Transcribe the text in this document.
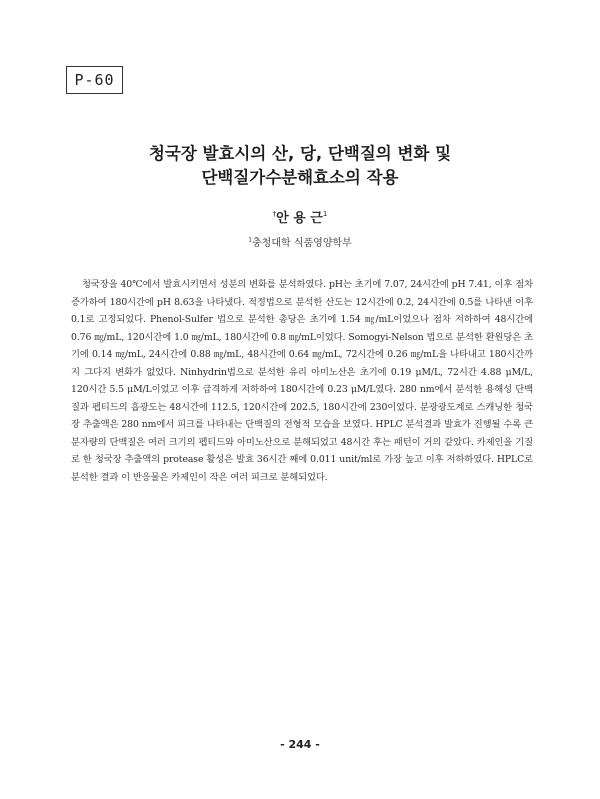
P-60
청국장 발효시의 산, 당, 단백질의 변화 및
단백질가수분해효소의 작용
†안 용 근$^1$
$^1$충청대학 식품영양학부
청국장을 40℃에서 발효시키면서 성분의 변화를 분석하였다. pH는 초기에 7.07, 24시간에 pH 7.41, 이후 점차 증가하여 180시간에 pH 8.63을 나타냈다. 적정법으로 분석한 산도는 12시간에 0.2, 24시간에 0.5를 나타낸 이후 0.1로 고정되었다. Phenol-Sulfer 법으로 분석한 총당은 초기에 1.54 ㎎/mL이었으나 점차 저하하여 48시간에 0.76 ㎎/mL, 120시간에 1.0 ㎎/mL, 180시간에 0.8 ㎎/mL이었다. Somogyi-Nelson 법으로 분석한 환원당은 초기에 0.14 ㎎/mL, 24시간에 0.88 ㎎/mL, 48시간에 0.64 ㎎/mL, 72시간에 0.26 ㎎/mL을 나타내고 180시간까지 그다지 변화가 없었다. Ninhydrin법으로 분석한 유리 아미노산은 초기에 0.19 μM/L, 72시간 4.88 μM/L, 120시간 5.5 μM/L이었고 이후 급격하게 저하하여 180시간에 0.23 μM/L였다. 280 nm에서 분석한 용해성 단백질과 펩티드의 흡광도는 48시간에 112.5, 120시간에 202.5, 180시간에 230이었다. 분광광도계로 스캐닝한 청국장 추출액은 280 nm에서 피크를 나타내는 단백질의 전형적 모습을 보였다. HPLC 분석결과 발효가 진행될 수록 큰 분자량의 단백질은 여러 크기의 펩티드와 아미노산으로 분해되었고 48시간 후는 패턴이 거의 같았다. 카제인을 기질로 한 청국장 추출액의 protease 활성은 발효 36시간 째에 0.011 unit/ml로 가장 높고 이후 저하하였다. HPLC로 분석한 결과 이 반응물은 카제인이 작은 여러 피크로 분해되었다.
- 244 -
